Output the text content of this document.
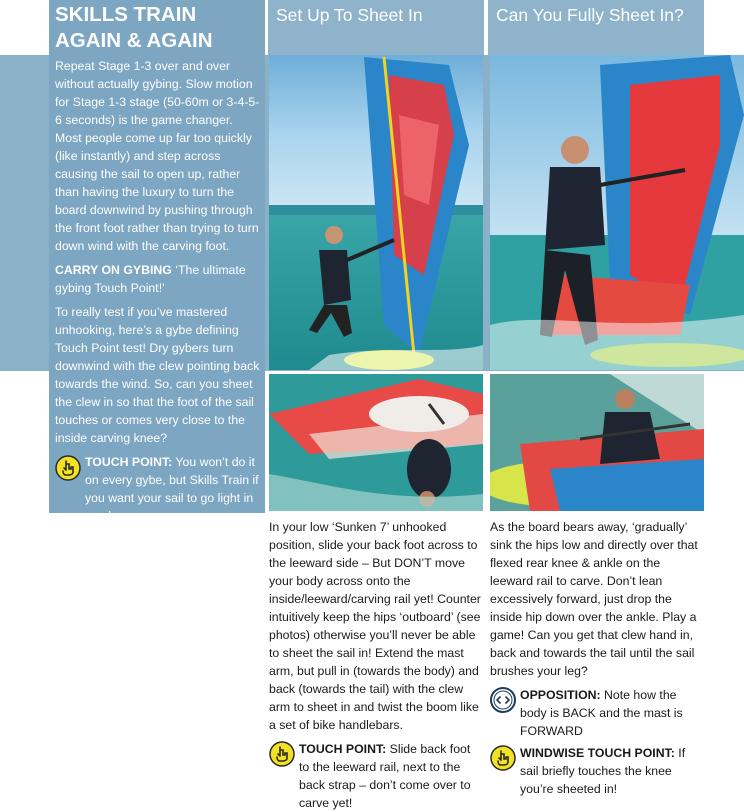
SKILLS TRAIN
AGAIN & AGAIN

Repeat Stage 1-3 over and over without actually gybing. Slow motion for Stage 1-3 stage (50-60m or 3-4-5-6 seconds) is the game changer. Most people come up far too quickly (like instantly) and step across causing the sail to open up, rather than having the luxury to turn the board downwind by pushing through the front foot rather than trying to turn down wind with the carving foot.

CARRY ON GYBING ‘The ultimate gybing Touch Point!’

To really test if you’ve mastered unhooking, here’s a gybe defining Touch Point test! Dry gybers turn downwind with the clew pointing back towards the wind. So, can you sheet the clew in so that the foot of the sail touches or comes very close to the inside carving knee?

TOUCH POINT: You won’t do it on every gybe, but Skills Train if you want your sail to go light in a gybe.
Set Up To Sheet In	Can You Fully Sheet In?

In your low ‘Sunken 7’ unhooked position, slide your back foot across to the leeward side – But DON’T move your body across onto the inside/leeward/carving rail yet! Counter intuitively keep the hips ‘outboard’ (see photos) otherwise you’ll never be able to sheet the sail in! Extend the mast arm, but pull in (towards the body) and back (towards the tail) with the clew arm to sheet in and twist the boom like a set of bike handlebars.

TOUCH POINT: Slide back foot to the leeward rail, next to the back strap – don’t come over to carve yet!

As the board bears away, ‘gradually’ sink the hips low and directly over that flexed rear knee & ankle on the leeward rail to carve. Don’t lean excessively forward, just drop the inside hip down over the ankle. Play a game! Can you get that clew hand in, back and towards the tail until the sail brushes your leg?

OPPOSITION: Note how the body is BACK and the mast is FORWARD
WINDWISE TOUCH POINT: If sail briefly touches the knee you’re sheeted in!
